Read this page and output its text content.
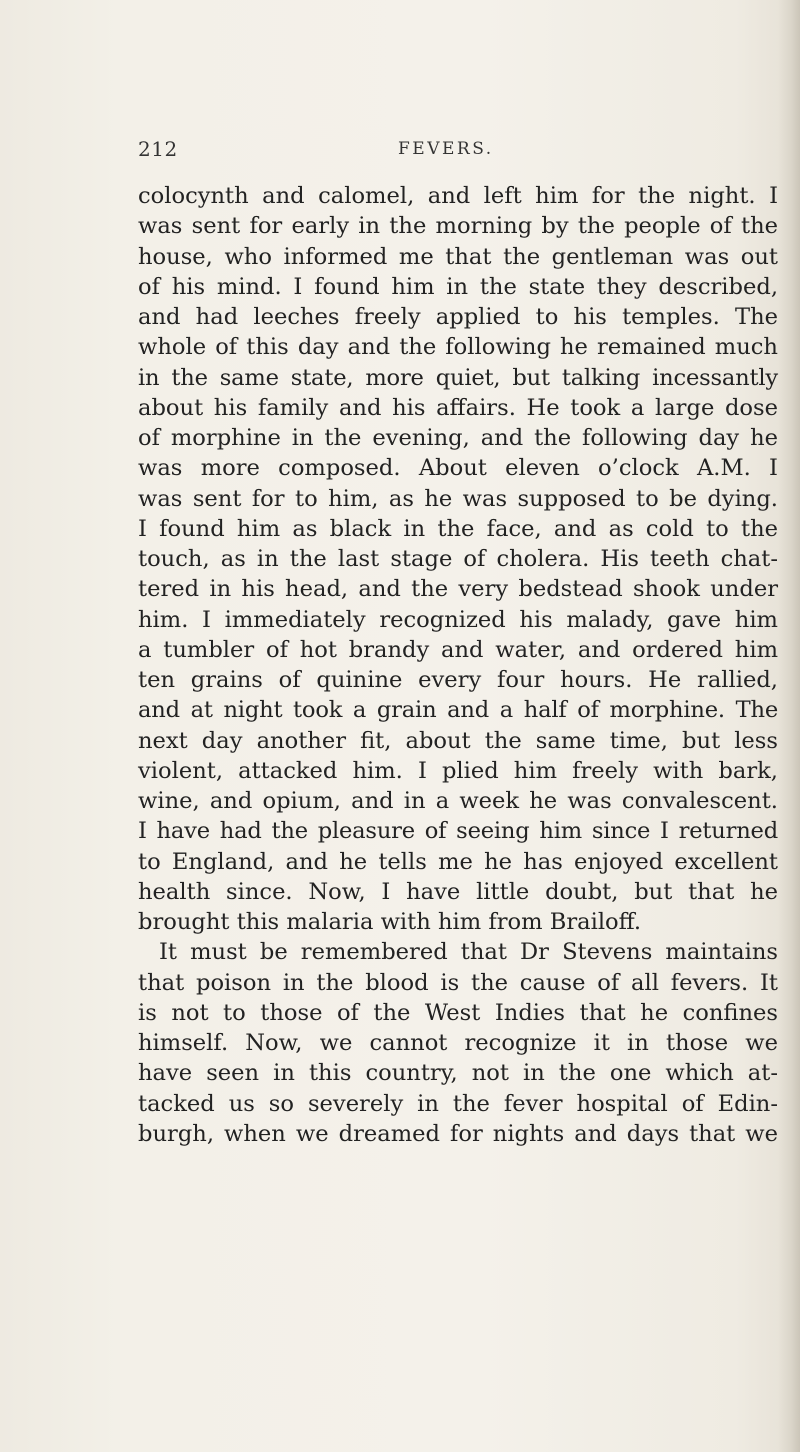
212	FEVERS.
colocynth and calomel, and left him for the night. I
was sent for early in the morning by the people of the
house, who informed me that the gentleman was out
of his mind. I found him in the state they described,
and had leeches freely applied to his temples. The
whole of this day and the following he remained much
in the same state, more quiet, but talking incessantly
about his family and his affairs. He took a large dose
of morphine in the evening, and the following day he
was more composed. About eleven o’clock A.M. I
was sent for to him, as he was supposed to be dying.
I found him as black in the face, and as cold to the
touch, as in the last stage of cholera. His teeth chat-
tered in his head, and the very bedstead shook under
him. I immediately recognized his malady, gave him
a tumbler of hot brandy and water, and ordered him
ten grains of quinine every four hours. He rallied,
and at night took a grain and a half of morphine. The
next day another fit, about the same time, but less
violent, attacked him. I plied him freely with bark,
wine, and opium, and in a week he was convalescent.
I have had the pleasure of seeing him since I returned
to England, and he tells me he has enjoyed excellent
health since. Now, I have little doubt, but that he
brought this malaria with him from Brailoff.
It must be remembered that Dr Stevens maintains
that poison in the blood is the cause of all fevers. It
is not to those of the West Indies that he confines
himself. Now, we cannot recognize it in those we
have seen in this country, not in the one which at-
tacked us so severely in the fever hospital of Edin-
burgh, when we dreamed for nights and days that we
